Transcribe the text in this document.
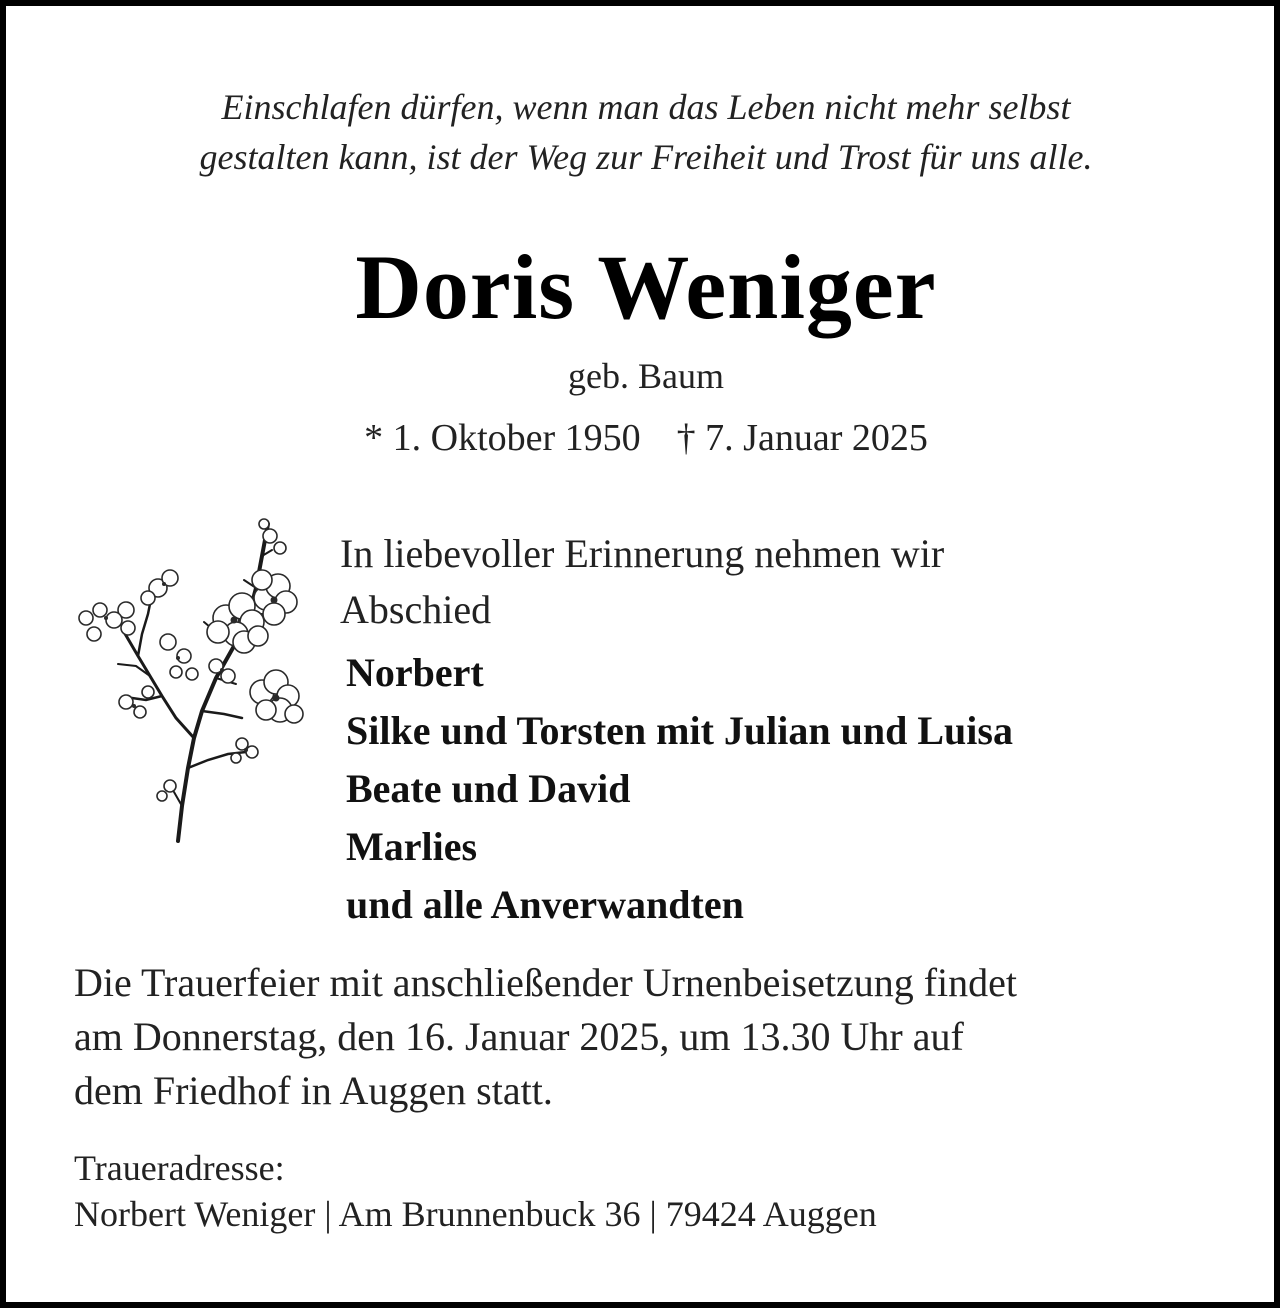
Einschlafen dürfen, wenn man das Leben nicht mehr selbst
gestalten kann, ist der Weg zur Freiheit und Trost für uns alle.
Doris Weniger
geb. Baum
* 1. Oktober 1950 † 7. Januar 2025
In liebevoller Erinnerung nehmen wir
Abschied
Norbert
Silke und Torsten mit Julian und Luisa
Beate und David
Marlies
und alle Anverwandten
Die Trauerfeier mit anschließender Urnenbeisetzung findet
am Donnerstag, den 16. Januar 2025, um 13.30 Uhr auf
dem Friedhof in Auggen statt.
Traueradresse:
Norbert Weniger | Am Brunnenbuck 36 | 79424 Auggen
